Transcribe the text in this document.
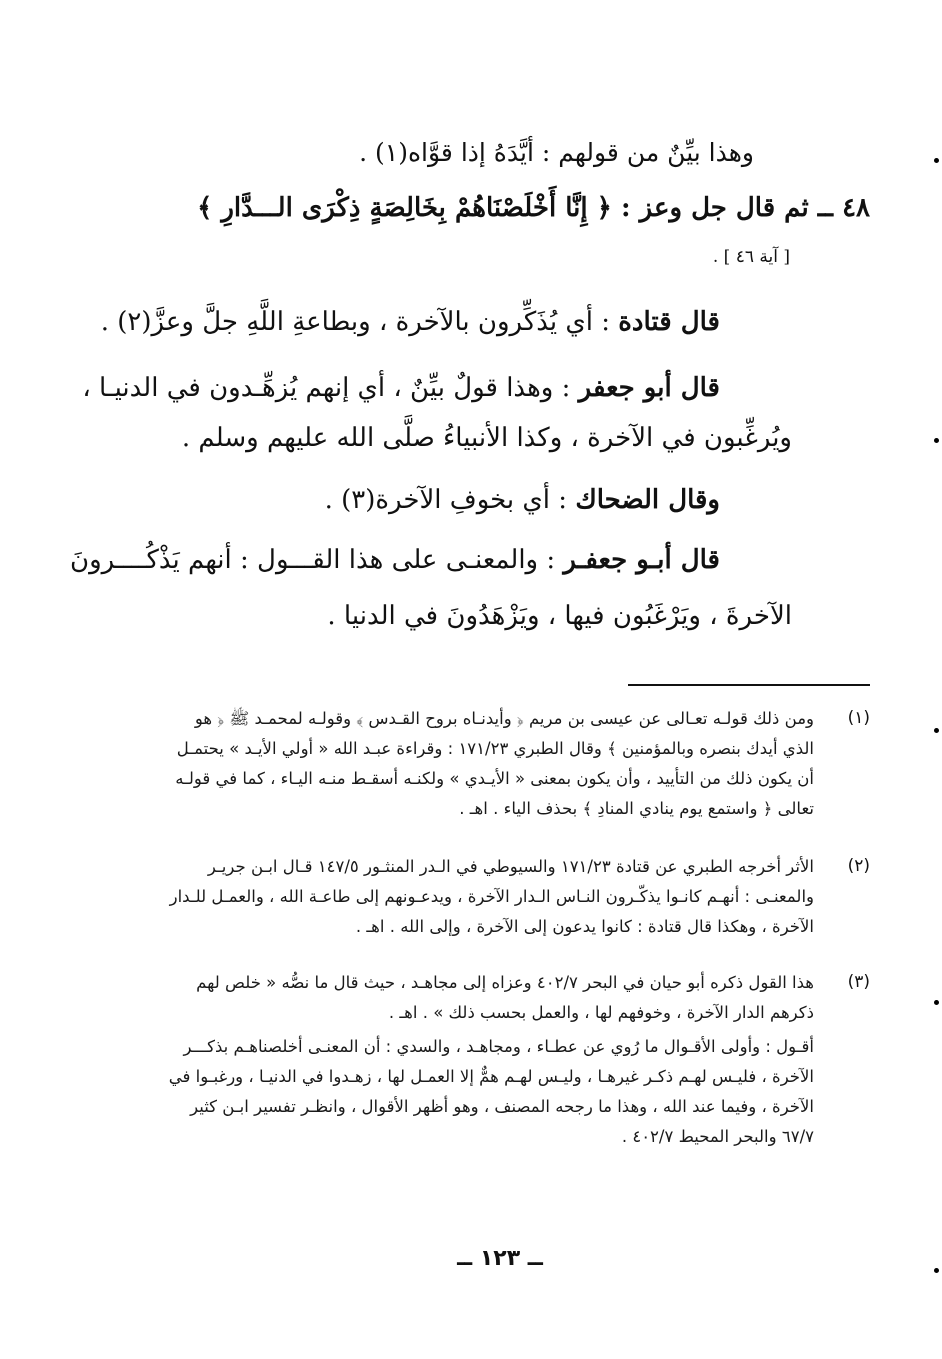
وهذا بيِّنٌ من قولهم : أيَّدَهُ إذا قوَّاه(١) .
٤٨ ــ ثم قال جل وعز : ﴿ إِنَّا أَخْلَصْنَاهُمْ بِخَالِصَةٍ ذِكْرَى الـــدَّارِ ﴾
[ آية ٤٦ ] .
قال قتادة : أي يُذَكِّرون بالآخرة ، وبطاعةِ اللَّهِ جلَّ وعزَّ(٢) .
قال أبو جعفر : وهذا قولٌ بيِّنٌ ، أي إنهم يُزهِّـدون في الدنيـا ،
ويُرغِّبون في الآخرة ، وكذا الأنبياءُ صلَّى الله عليهم وسلم .
وقال الضحاك : أي بخوفِ الآخرة(٣) .
قال أبـو جعفـر : والمعنـى على هذا القـــول : أنهم يَذْكُــــرونَ
الآخرةَ ، ويَرْغَبُون فيها ، ويَزْهَدُونَ في الدنيا .
(١)
ومن ذلك قولـه تعـالى عن عيسى بن مريم ﴿ وأيدنـاه بروح القـدس ﴾ وقولـه لمحمـد ﷺ ﴿ هو
الذي أيدك بنصره وبالمؤمنين ﴾ وقال الطبري ١٧١/٢٣ : وقراءة عبـد الله « أولي الأيـد » يحتمـل
أن يكون ذلك من التأييد ، وأن يكون بمعنى « الأيـدي » ولكنـه أسقـط منـه اليـاء ، كما في قولـه
تعالى ﴿ واستمع يوم ينادي المنادِ ﴾ بحذف الياء . اهـ .
(٢)
الأثر أخرجه الطبري عن قتادة ١٧١/٢٣ والسيوطي في الـدر المنثـور ١٤٧/٥ قـال ابـن جريـر
والمعنـى : أنهـم كانـوا يذكّـرون النـاس الـدار الآخرة ، ويدعـونهم إلى طاعـة الله ، والعمـل للـدار
الآخرة ، وهكذا قال قتادة : كانوا يدعون إلى الآخرة ، وإلى الله . اهـ .
(٣)
هذا القول ذكره أبو حيان في البحر ٤٠٢/٧ وعزاه إلى مجاهـد ، حيث قال ما نصُّه « خلص لهم
ذكرهم الدار الآخرة ، وخوفهم لها ، والعمل بحسب ذلك » . اهـ .
أقـول : وأولى الأقـوال ما رُوي عن عطـاء ، ومجاهـد ، والسدي : أن المعنـى أخلصناهـم بذكـــر
الآخرة ، فليـس لهـم ذكـر غيرهـا ، وليـس لهـم همٌّ إلا العمـل لها ، زهـدوا في الدنيـا ، ورغبـوا في
الآخرة ، وفيما عند الله ، وهذا ما رجحه المصنف ، وهو أظهر الأقوال ، وانظـر تفسير ابـن كثير
٦٧/٧ والبحر المحيط ٤٠٢/٧ .
ــ ١٢٣ ــ
